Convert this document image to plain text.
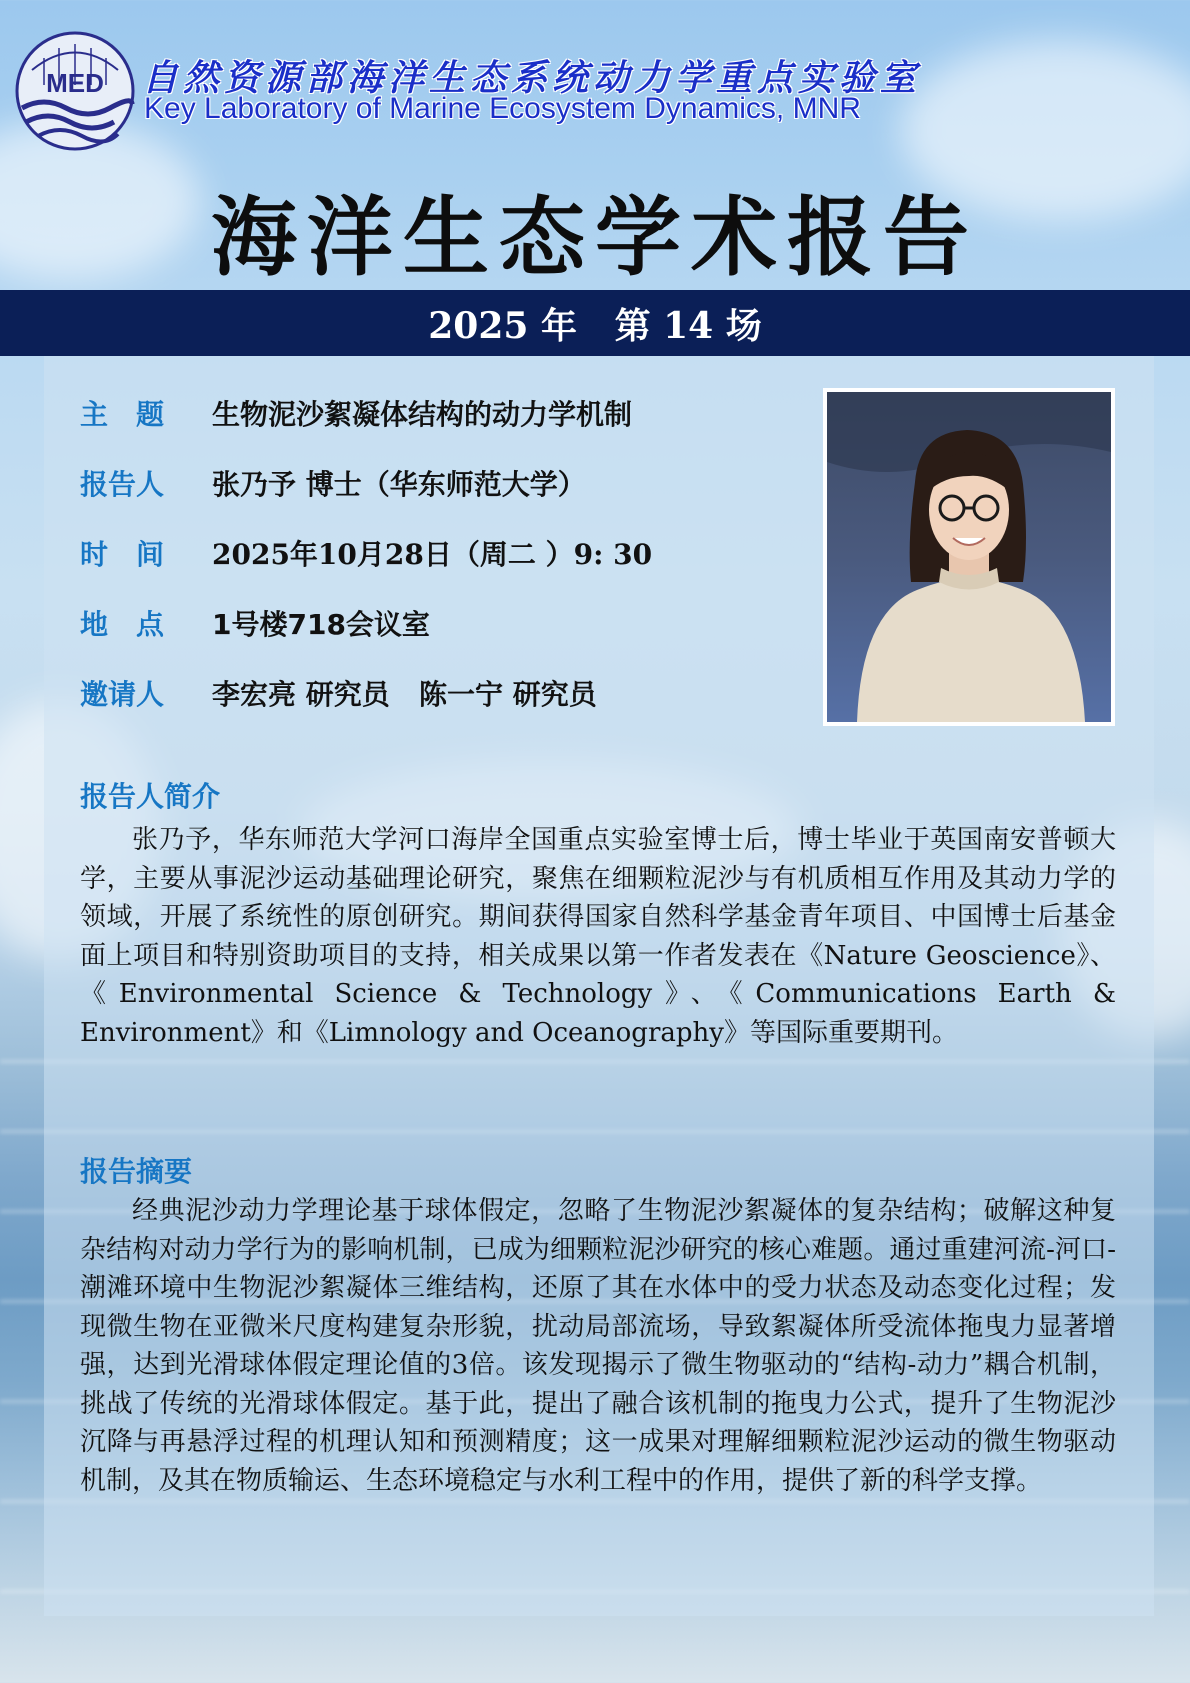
MED 自然资源部海洋生态系统动力学重点实验室
Key Laboratory of Marine Ecosystem Dynamics, MNR
海洋生态学术报告
2025 年   第 14 场
主　题	生物泥沙絮凝体结构的动力学机制
报告人	张乃予 博士（华东师范大学）
时　间	2025年10月28日（周二 ）9: 30
地　点	1号楼718会议室
邀请人	李宏亮 研究员   陈一宁 研究员
报告人简介
张乃予，华东师范大学河口海岸全国重点实验室博士后，博士毕业于英国南安普顿大学，主要从事泥沙运动基础理论研究，聚焦在细颗粒泥沙与有机质相互作用及其动力学的领域，开展了系统性的原创研究。期间获得国家自然科学基金青年项目、中国博士后基金面上项目和特别资助项目的支持，相关成果以第一作者发表在《Nature Geoscience》、《Environmental Science & Technology》、《Communications Earth & Environment》和《Limnology and Oceanography》等国际重要期刊。
报告摘要
经典泥沙动力学理论基于球体假定，忽略了生物泥沙絮凝体的复杂结构；破解这种复杂结构对动力学行为的影响机制，已成为细颗粒泥沙研究的核心难题。通过重建河流-河口-潮滩环境中生物泥沙絮凝体三维结构，还原了其在水体中的受力状态及动态变化过程；发现微生物在亚微米尺度构建复杂形貌，扰动局部流场，导致絮凝体所受流体拖曳力显著增强，达到光滑球体假定理论值的3倍。该发现揭示了微生物驱动的“结构-动力”耦合机制，挑战了传统的光滑球体假定。基于此，提出了融合该机制的拖曳力公式，提升了生物泥沙沉降与再悬浮过程的机理认知和预测精度；这一成果对理解细颗粒泥沙运动的微生物驱动机制，及其在物质输运、生态环境稳定与水利工程中的作用，提供了新的科学支撑。
